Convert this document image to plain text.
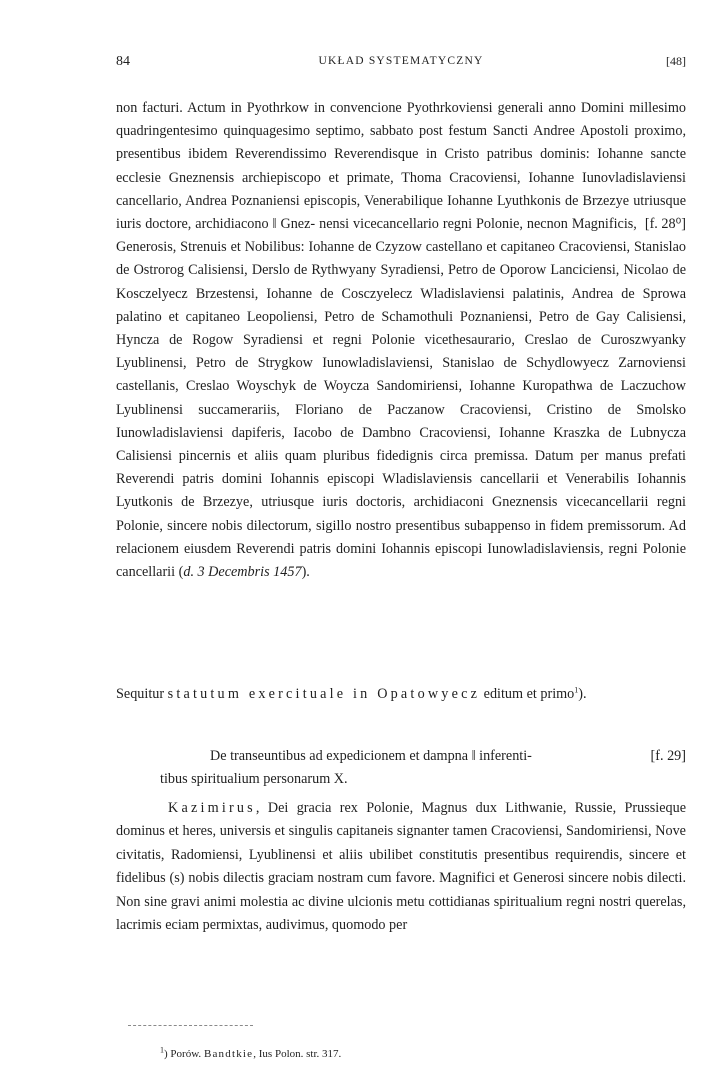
84	UKŁAD SYSTEMATYCZNY	[48]

non facturi. Actum in Pyothrkow in convencione Pyothrkoviensi generali anno Domini millesimo quadringentesimo quinquagesimo septimo, sabbato post festum Sancti Andree Apostoli proximo, presentibus ibidem Reverendissimo Reverendisque in Cristo patribus dominis: Iohanne sancte ecclesie Gneznensis archiepiscopo et primate, Thoma Cracoviensi, Iohanne Iunovladislaviensi cancellario, Andrea Poznaniensi episcopis, Venerabilique Iohanne Lyuthkonis de Brzezye utriusque iuris doctore, archidiacono ‖ Gnez-	[f. 28⁰]
nensi vicecancellario regni Polonie, necnon Magnificis, Generosis, Strenuis et Nobilibus: Iohanne de Czyzow castellano et capitaneo Cracoviensi, Stanislao de Ostrorog Calisiensi, Derslo de Rythwyany Syradiensi, Petro de Oporow Lanciciensi, Nicolao de Kosczelyecz Brzestensi, Iohanne de Cosczyelecz Wladislaviensi palatinis, Andrea de Sprowa palatino et capitaneo Leopoliensi, Petro de Schamothuli Poznaniensi, Petro de Gay Calisiensi, Hyncza de Rogow Syradiensi et regni Polonie vicethesaurario, Creslao de Curoszwyanky Lyublinensi, Petro de Strygkow Iunowladislaviensi, Stanislao de Schydlowyecz Zarnoviensi castellanis, Creslao Woyschyk de Woycza Sandomiriensi, Iohanne Kuropathwa de Laczuchow Lyublinensi succamerariis, Floriano de Paczanow Cracoviensi, Cristino de Smolsko Iunowladislaviensi dapiferis, Iacobo de Dambno Cracoviensi, Iohanne Kraszka de Lubnycza Calisiensi pincernis et aliis quam pluribus fidedignis circa premissa. Datum per manus prefati Reverendi patris domini Iohannis episcopi Wladislaviensis cancellarii et Venerabilis Iohannis Lyutkonis de Brzezye, utriusque iuris doctoris, archidiaconi Gneznensis vicecancellarii regni Polonie, sincere nobis dilectorum, sigillo nostro presentibus subappenso in fidem premissorum. Ad relacionem eiusdem Reverendi patris domini Iohannis episcopi Iunowladislaviensis, regni Polonie cancellarii (d. 3 Decembris 1457).

Sequitur statutum exercituale in Opatowyecz editum et primo$^1$).
De transeuntibus ad expedicionem et dampna ‖ inferenti-	[f. 29]
tibus spiritualium personarum X.

Kazimirus, Dei gracia rex Polonie, Magnus dux Lithwanie, Russie, Prussieque dominus et heres, universis et singulis capitaneis signanter tamen Cracoviensi, Sandomiriensi, Nove civitatis, Radomiensi, Lyublinensi et aliis ubilibet constitutis presentibus requirendis, sincere et fidelibus (s) nobis dilectis graciam nostram cum favore. Magnifici et Generosi sincere nobis dilecti. Non sine gravi animi molestia ac divine ulcionis metu cottidianas spiritualium regni nostri querelas, lacrimis eciam permixtas, audivimus, quomodo per

$^1$) Porów. Bandtkie, Ius Polon. str. 317.
